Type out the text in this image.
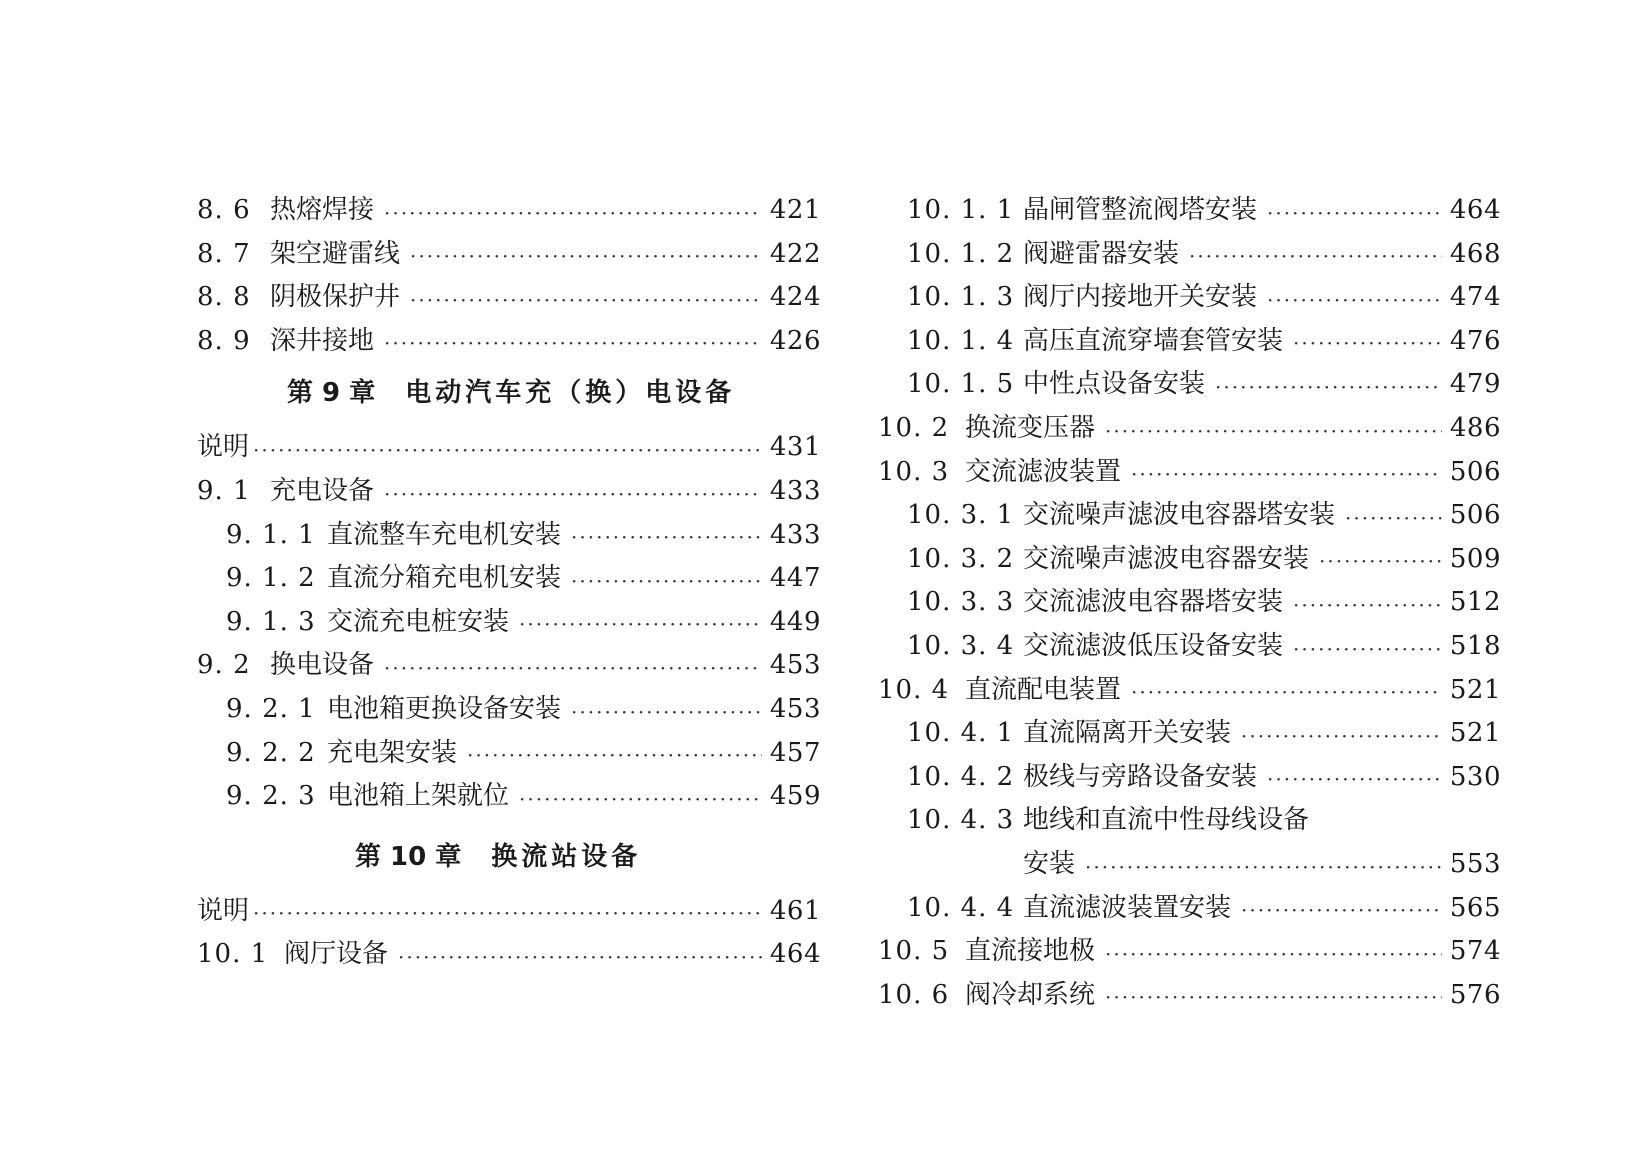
8. 6 热熔焊接 ·····	421
8. 7 架空避雷线 ·····	422
8. 8 阴极保护井 ·····	424
8. 9 深井接地 ·····	426
第 9 章 电动汽车充（换）电设备
说明 ·····	431
9. 1 充电设备 ·····	433
9. 1. 1 直流整车充电机安装 ·····	433
9. 1. 2 直流分箱充电机安装 ·····	447
9. 1. 3 交流充电桩安装 ·····	449
9. 2 换电设备 ·····	453
9. 2. 1 电池箱更换设备安装 ·····	453
9. 2. 2 充电架安装 ·····	457
9. 2. 3 电池箱上架就位 ·····	459
第 10 章 换流站设备
说明 ·····	461
10. 1 阀厅设备 ·····	464
10. 1. 1 晶闸管整流阀塔安装 ·····	464
10. 1. 2 阀避雷器安装 ·····	468
10. 1. 3 阀厅内接地开关安装 ·····	474
10. 1. 4 高压直流穿墙套管安装 ·····	476
10. 1. 5 中性点设备安装 ·····	479
10. 2 换流变压器 ·····	486
10. 3 交流滤波装置 ·····	506
10. 3. 1 交流噪声滤波电容器塔安装 ·····	506
10. 3. 2 交流噪声滤波电容器安装 ·····	509
10. 3. 3 交流滤波电容器塔安装 ·····	512
10. 3. 4 交流滤波低压设备安装 ·····	518
10. 4 直流配电装置 ·····	521
10. 4. 1 直流隔离开关安装 ·····	521
10. 4. 2 极线与旁路设备安装 ·····	530
10. 4. 3 地线和直流中性母线设备
安装 ·····	553
10. 4. 4 直流滤波装置安装 ·····	565
10. 5 直流接地极 ·····	574
10. 6 阀冷却系统 ·····	576
